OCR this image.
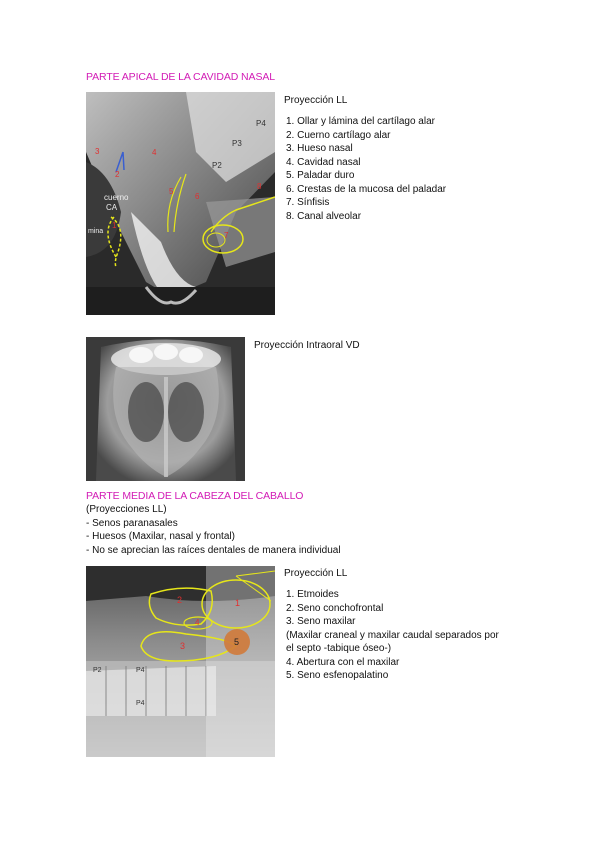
PARTE APICAL DE LA CAVIDAD NASAL
P4
P3
P2
cuerno
CA
mina
1
2
3	4
5
6
7
8
Proyección LL
1. Ollar y lámina del cartílago alar
2. Cuerno cartílago alar
3. Hueso nasal
4. Cavidad nasal
5. Paladar duro
6. Crestas de la mucosa del paladar
7. Sínfisis
8. Canal alveolar
Proyección Intraoral VD
PARTE MEDIA DE LA CABEZA DEL CABALLO
(Proyecciones LL)
- Senos paranasales
- Huesos (Maxilar, nasal y frontal)
- No se aprecian las raíces dentales de manera individual
1
2
3
4
5
P2	P4
P4
Proyección LL
1. Etmoides
2. Seno conchofrontal
3. Seno maxilar
(Maxilar craneal y maxilar caudal separados por
el septo -tabique óseo-)
4. Abertura con el maxilar
5. Seno esfenopalatino
